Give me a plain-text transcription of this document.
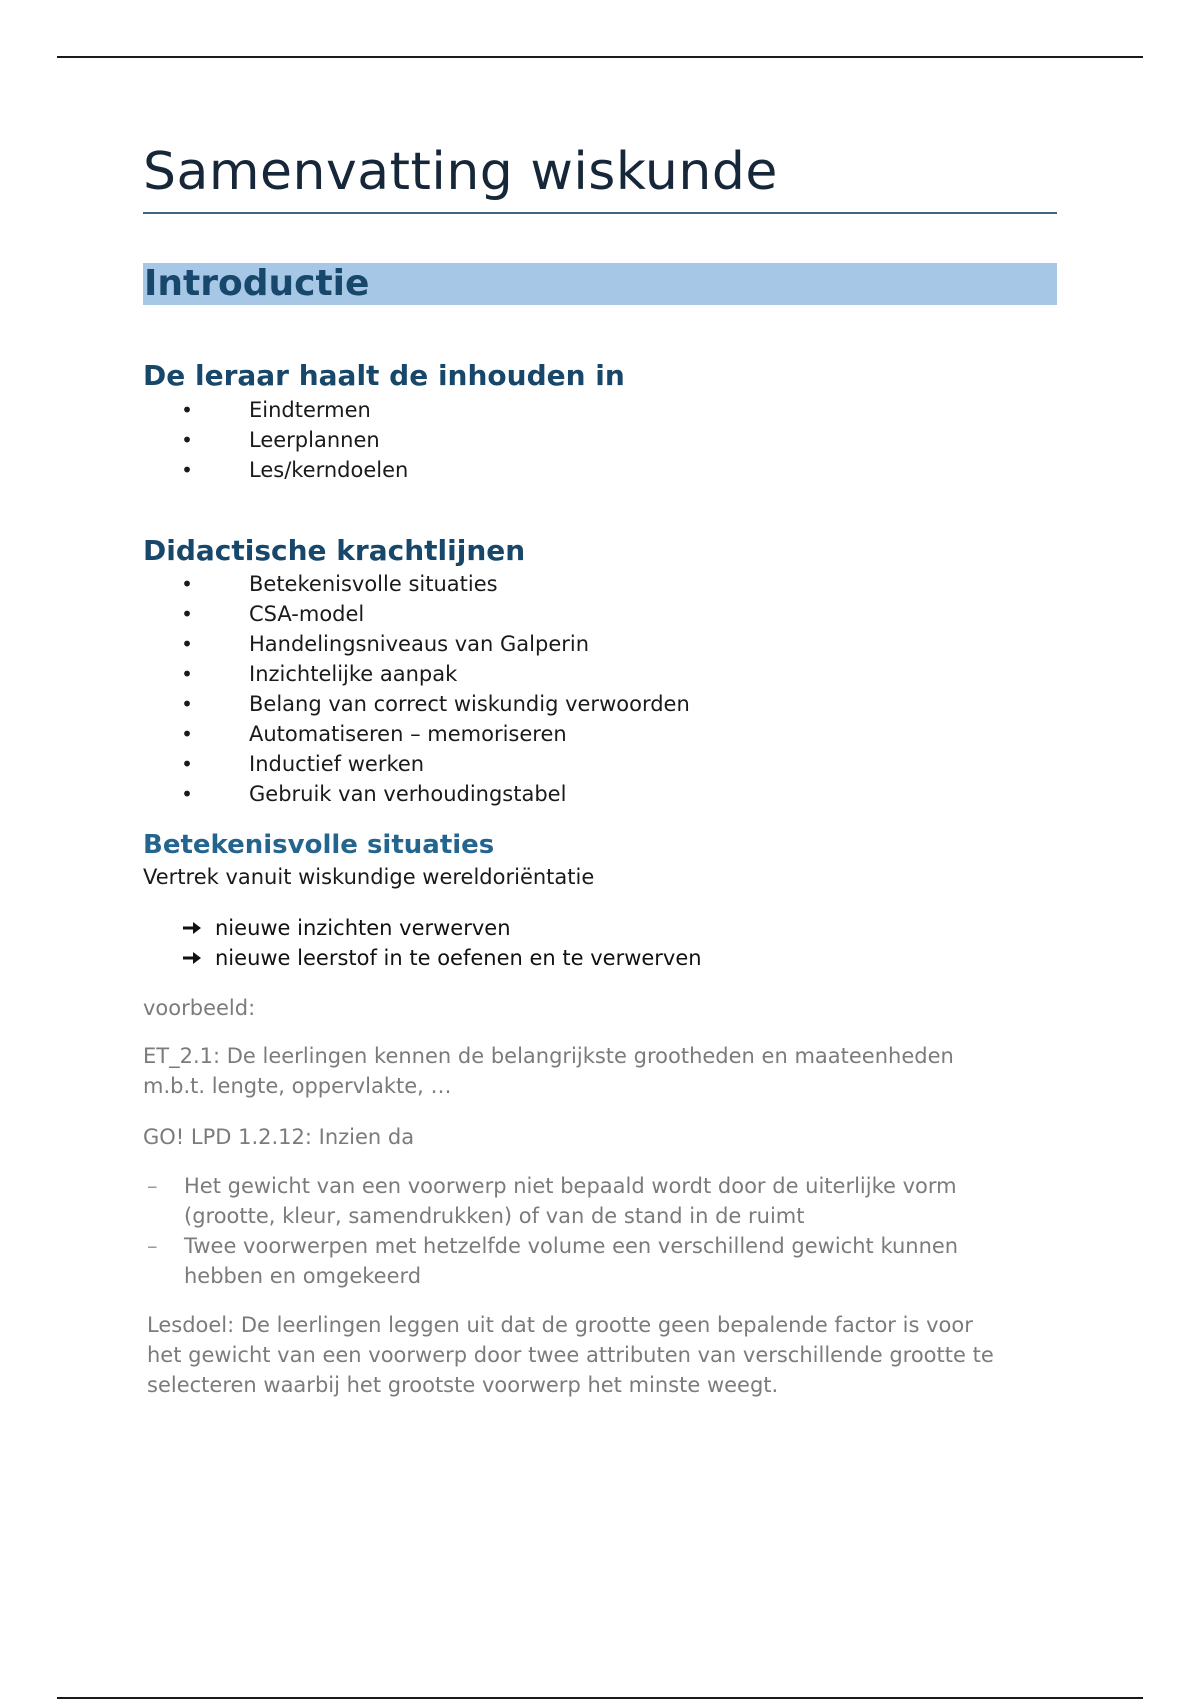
Samenvatting wiskunde
Introductie
De leraar haalt de inhouden in
•	Eindtermen
•	Leerplannen
•	Les/kerndoelen
Didactische krachtlijnen
•	Betekenisvolle situaties
•	CSA-model
•	Handelingsniveaus van Galperin
•	Inzichtelijke aanpak
•	Belang van correct wiskundig verwoorden
•	Automatiseren – memoriseren
•	Inductief werken
•	Gebruik van verhoudingstabel
Betekenisvolle situaties
Vertrek vanuit wiskundige wereldoriëntatie
nieuwe inzichten verwerven
nieuwe leerstof in te oefenen en te verwerven
voorbeeld:
ET_2.1: De leerlingen kennen de belangrijkste grootheden en maateenheden
m.b.t. lengte, oppervlakte, …
GO! LPD 1.2.12: Inzien da
– Het gewicht van een voorwerp niet bepaald wordt door de uiterlijke vorm
(grootte, kleur, samendrukken) of van de stand in de ruimt
– Twee voorwerpen met hetzelfde volume een verschillend gewicht kunnen
hebben en omgekeerd
Lesdoel: De leerlingen leggen uit dat de grootte geen bepalende factor is voor
het gewicht van een voorwerp door twee attributen van verschillende grootte te
selecteren waarbij het grootste voorwerp het minste weegt.
